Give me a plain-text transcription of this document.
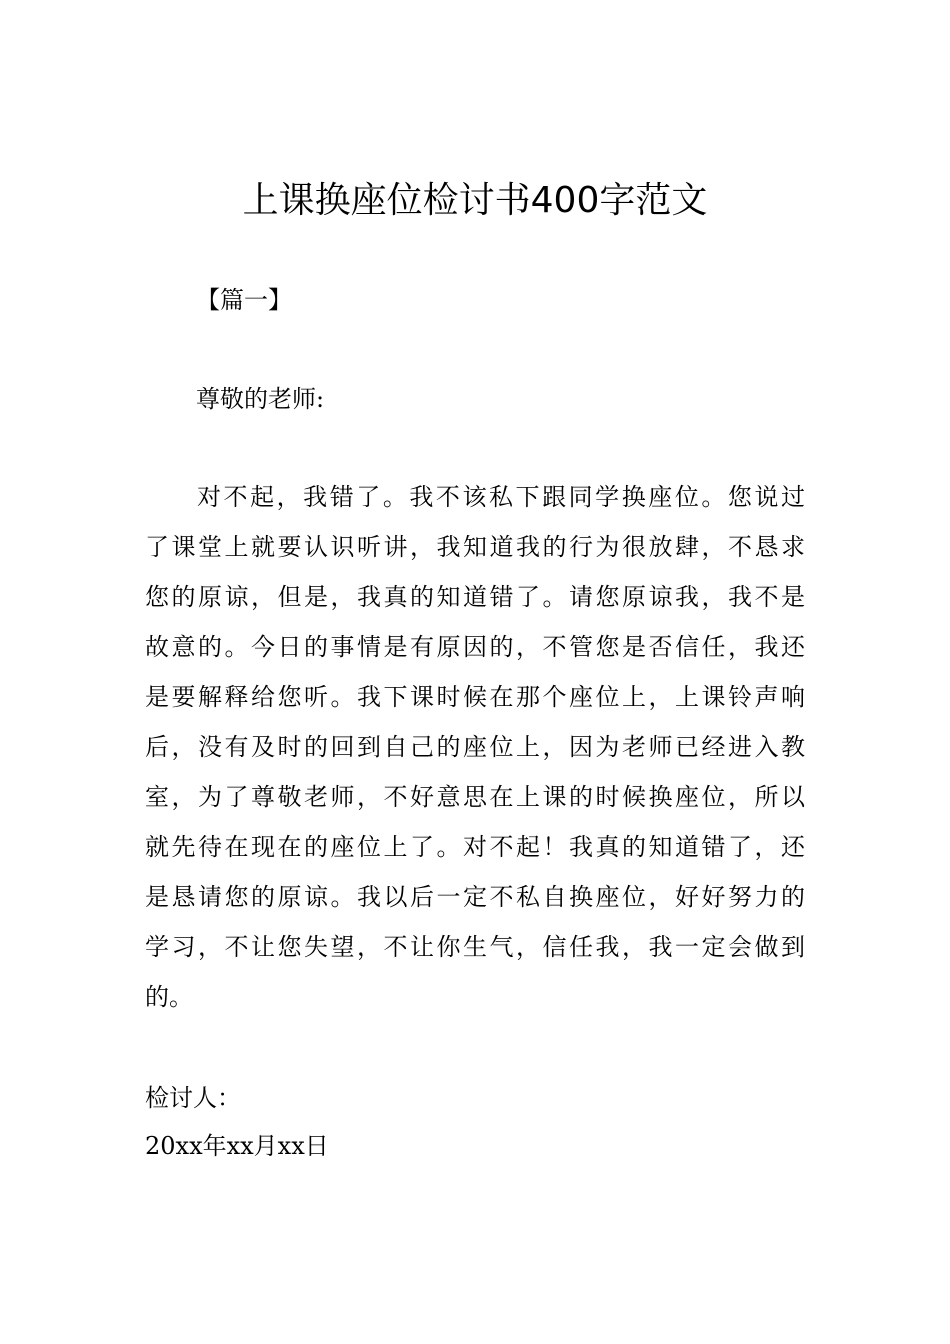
上课换座位检讨书400字范文
【篇一】
尊敬的老师:
对不起，我错了。我不该私下跟同学换座位。您说过
了课堂上就要认识听讲，我知道我的行为很放肆，不恳求
您的原谅，但是，我真的知道错了。请您原谅我，我不是
故意的。今日的事情是有原因的，不管您是否信任，我还
是要解释给您听。我下课时候在那个座位上，上课铃声响
后，没有及时的回到自己的座位上，因为老师已经进入教
室，为了尊敬老师，不好意思在上课的时候换座位，所以
就先待在现在的座位上了。对不起！我真的知道错了，还
是恳请您的原谅。我以后一定不私自换座位，好好努力的
学习，不让您失望，不让你生气，信任我，我一定会做到
的。
检讨人：
20xx年xx月xx日
